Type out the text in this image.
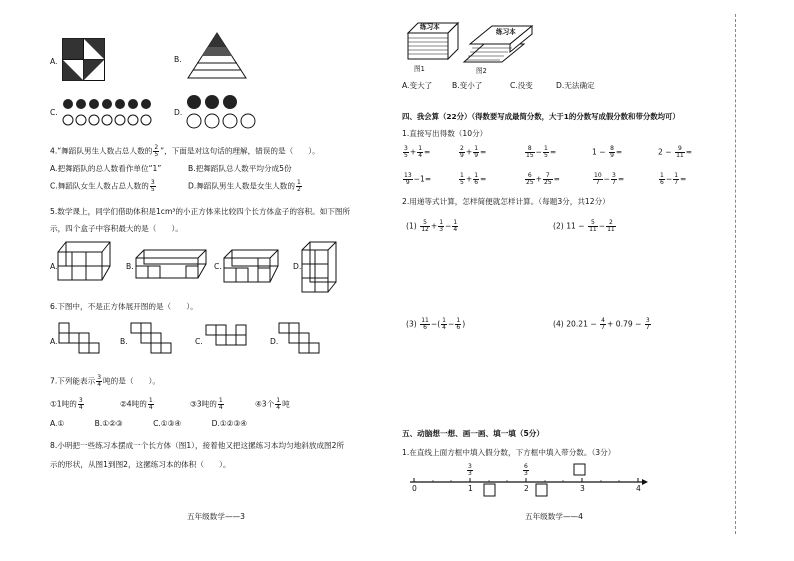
A.	B.
C.	D.
4.“舞蹈队男生人数占总人数的 $\frac{2}{5}$ ”，下面是对这句话的理解，错误的是（　　）。
A.把舞蹈队的总人数看作单位“1”	B.把舞蹈队总人数平均分成5份
C.舞蹈队女生人数占总人数的 $\frac{3}{5}$	D.舞蹈队男生人数是女生人数的 $\frac{1}{2}$
5.数学课上，同学们借助体积是1cm³的小正方体来比较四个长方体盒子的容积。如下图所
示，四个盒子中容积最大的是（　　）。
A.	B.	C.	D.
6.下图中，不是正方体展开图的是（　　）。
A.	B.	C.	D.
7.下列能表示 $\frac{3}{4}$ 吨的是（　　）。
①1吨的 $\frac{3}{4}$	②4吨的 $\frac{1}{4}$	③3吨的 $\frac{1}{4}$	④3个 $\frac{1}{4}$ 吨
A.①　　　　B.①②③　　　　C.①③④　　　　D.①②③④
8.小明把一些练习本摆成一个长方体（图1），接着他又把这摞练习本均匀地斜放成图2所
示的形状，从图1到图2，这摞练习本的体积（　　）。
五年级数学——3
练习本
练习本
图1	图2
A.变大了	B.变小了	C.没变	D.无法确定
四、我会算（22分）（得数要写成最简分数，大于1的分数写成假分数和带分数均可）
1.直接写出得数（10分）
$\frac{3}{5} + \frac{1}{4}$ =	$\frac{2}{9} + \frac{1}{9}$ =	$\frac{8}{15} - \frac{1}{5}$ =	$1 - \frac{8}{9}$ =	$2 - \frac{9}{11}$ =
$\frac{13}{9} -1=$	$\frac{1}{5} + \frac{1}{6}$ =	$\frac{6}{25} + \frac{7}{25}$ =	$\frac{10}{7} - \frac{3}{7}$ =	$\frac{1}{6} - \frac{1}{7}$ =
2.用递等式计算，怎样简便就怎样计算。（每题3分，共12分）
$(1) \frac{5}{12} + \frac{1}{3} - \frac{1}{4}$	(2) $11 - \frac{5}{11} - \frac{2}{11}$
$(3) \frac{11}{6}$ −( $\frac{1}{4} - \frac{1}{6}$ )	(4) $20.21 - \frac{4}{7} + 0.79 - \frac{3}{7}$
五、动脑想一想、画一画、填一填（5分）
1.在直线上面方框中填入假分数，下方框中填入带分数。（3分）
0	1	2	3	4
$\frac{3}{3}$	$\frac{6}{3}$
五年级数学——4
